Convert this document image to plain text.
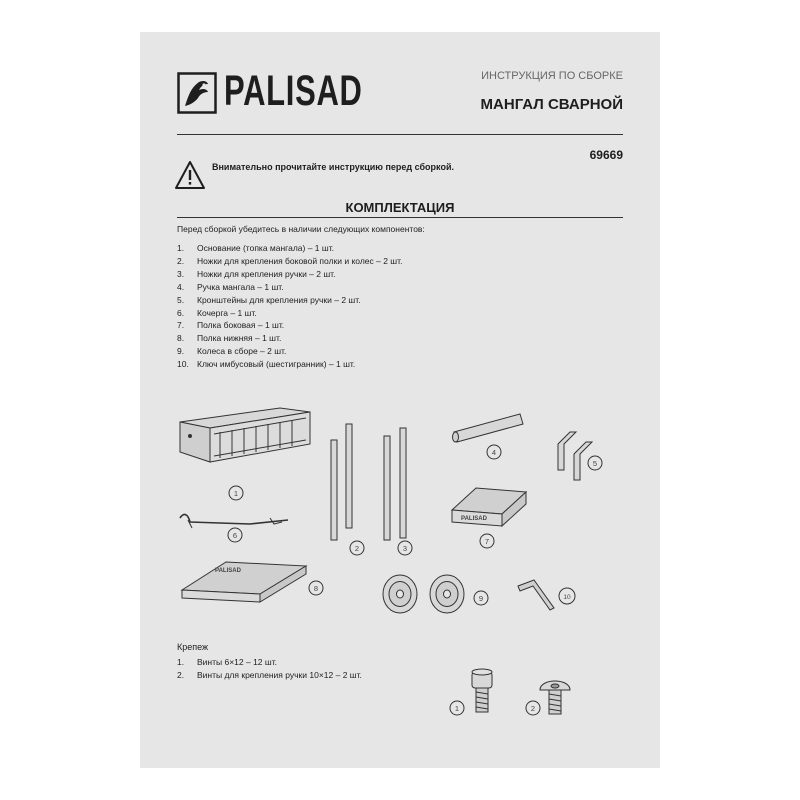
PALISAD	ИНСТРУКЦИЯ ПО СБОРКЕ
МАНГАЛ СВАРНОЙ
69669
Внимательно прочитайте инструкцию перед сборкой.
КОМПЛЕКТАЦИЯ
Перед сборкой убедитесь в наличии следующих компонентов:
1. Основание (топка мангала) – 1 шт.
2. Ножки для крепления боковой полки и колес – 2 шт.
3. Ножки для крепления ручки – 2 шт.
4. Ручка мангала – 1 шт.
5. Кронштейны для крепления ручки – 2 шт.
6. Кочерга – 1 шт.
7. Полка боковая – 1 шт.
8. Полка нижняя – 1 шт.
9. Колеса в сборе – 2 шт.
10. Ключ имбусовый (шестигранник) – 1 шт.
1
2	3
4
5
6
7
8
9	10
PALISAD
PALISAD
1	2
Крепеж
1. Винты 6×12 – 12 шт.
2. Винты для крепления ручки 10×12 – 2 шт.
